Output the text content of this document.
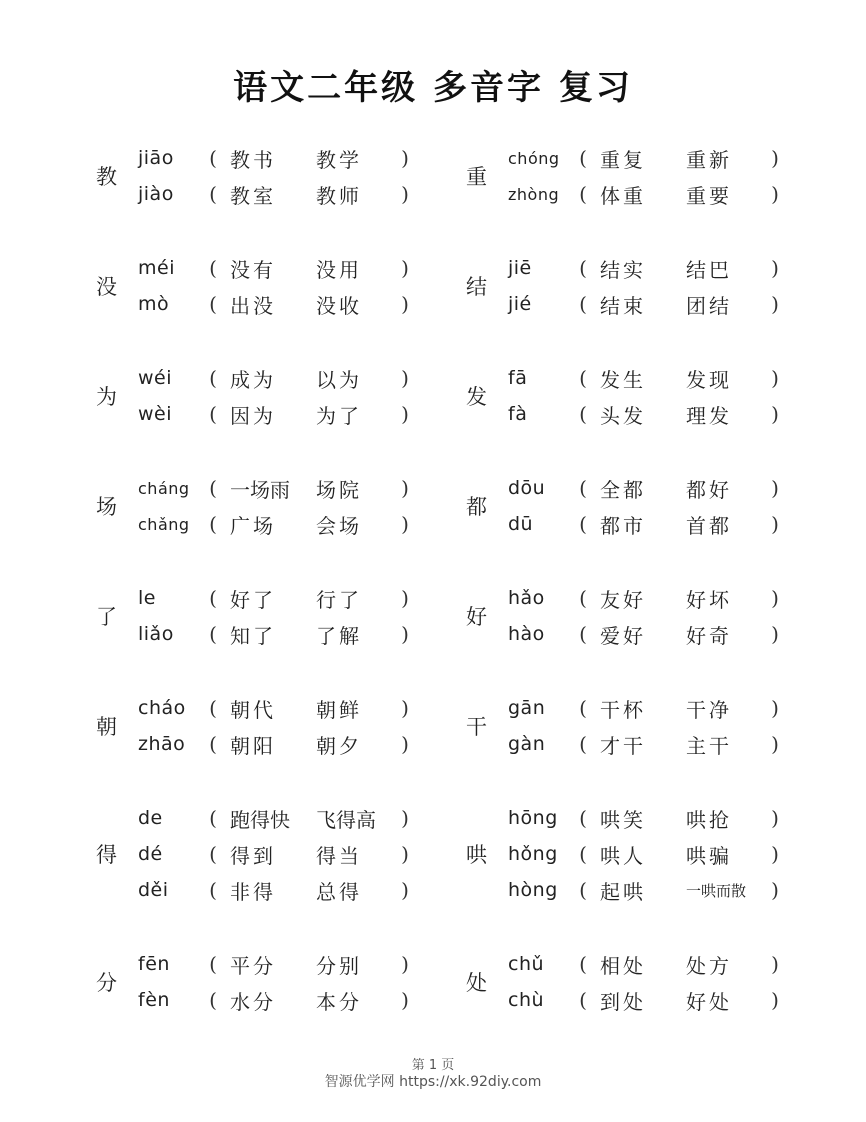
语文二年级 多音字 复习
教
jiāo	( 教书	教学	)
jiào	( 教室	教师	)
没
méi	( 没有	没用	)
mò	( 出没	没收	)
为
wéi	( 成为	以为	)
wèi	( 因为	为了	)
场
cháng ( 一场雨	场院	)
chǎng ( 广场	会场	)
了
le	( 好了	行了	)
liǎo	( 知了	了解	)
朝
cháo	( 朝代	朝鲜	)
zhāo	( 朝阳	朝夕	)
得
de	( 跑得快	飞得高	)
dé	( 得到	得当	)
děi	( 非得	总得	)
分
fēn	( 平分	分别	)
fèn	( 水分	本分	)
重
chóng ( 重复	重新	)
zhòng ( 体重	重要	)
结
jiē	( 结实	结巴	)
jié	( 结束	团结	)
发
fā	( 发生	发现	)
fà	( 头发	理发	)
都
dōu	( 全都	都好	)
dū	( 都市	首都	)
好
hǎo	( 友好	好坏	)
hào	( 爱好	好奇	)
干
gān	( 干杯	干净	)
gàn	( 才干	主干	)
哄
hōng	( 哄笑	哄抢	)
hǒng	( 哄人	哄骗	)
hòng	( 起哄	一哄而散	)
处
chǔ	( 相处	处方	)
chù	( 到处	好处	)
第 1 页
智源优学网 https://xk.92diy.com
